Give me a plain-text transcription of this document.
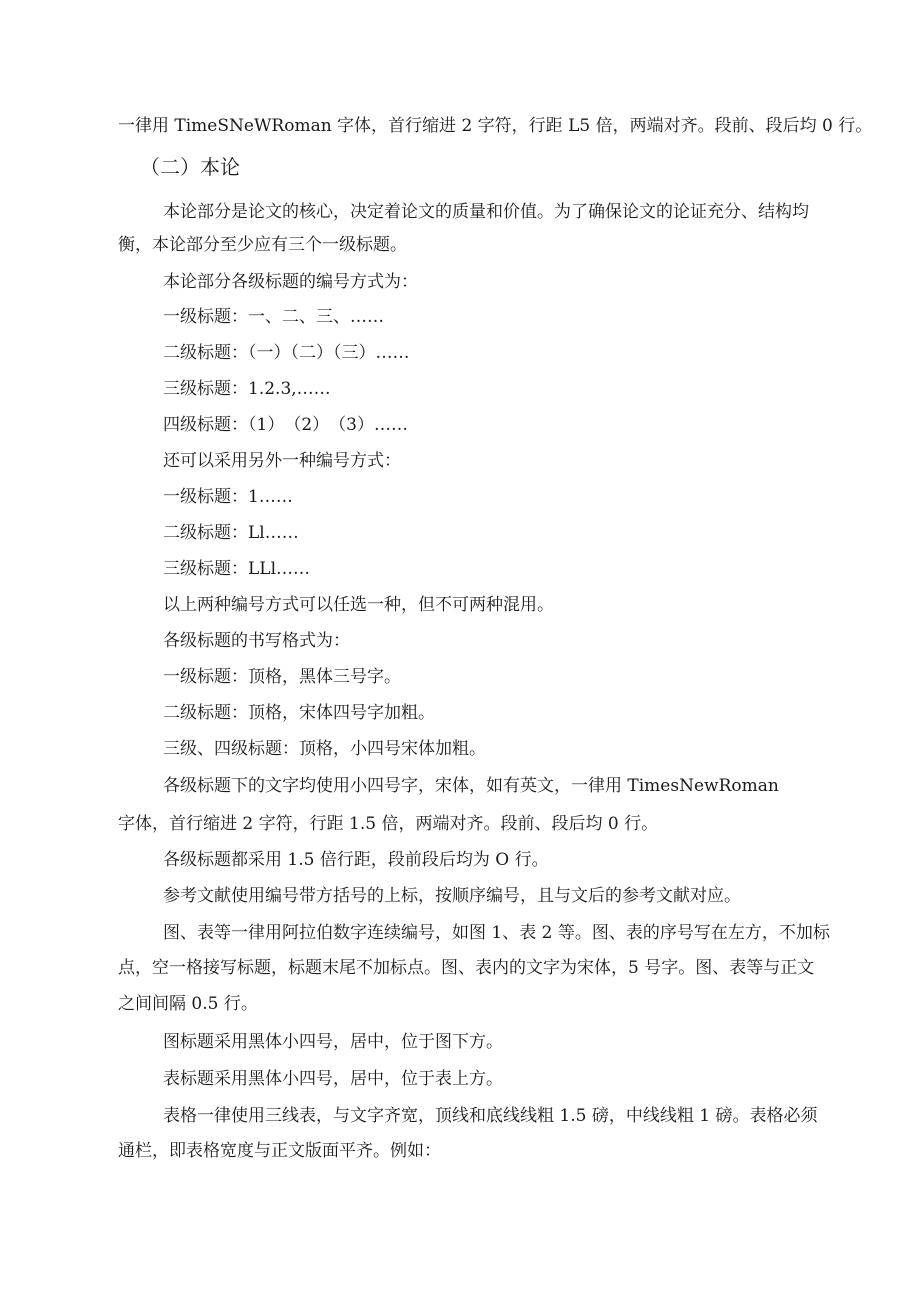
一律用 TimeSNeWRoman 字体，首行缩进 2 字符，行距 L5 倍，两端对齐。段前、段后均 0 行。
（二）本论
本论部分是论文的核心，决定着论文的质量和价值。为了确保论文的论证充分、结构均
衡，本论部分至少应有三个一级标题。
本论部分各级标题的编号方式为：
一级标题：一、二、三、……
二级标题：（一）（二）（三）……
三级标题：1.2.3,……
四级标题：（1）　（2）　（3）……
还可以采用另外一种编号方式：
一级标题：1……
二级标题：Ll……
三级标题：LLl……
以上两种编号方式可以任选一种，但不可两种混用。
各级标题的书写格式为：
一级标题：顶格，黑体三号字。
二级标题：顶格，宋体四号字加粗。
三级、四级标题：顶格，小四号宋体加粗。
各级标题下的文字均使用小四号字，宋体，如有英文，一律用 TimesNewRoman
字体，首行缩进 2 字符，行距 1.5 倍，两端对齐。段前、段后均 0 行。
各级标题都采用 1.5 倍行距，段前段后均为 O 行。
参考文献使用编号带方括号的上标，按顺序编号，且与文后的参考文献对应。
图、表等一律用阿拉伯数字连续编号，如图 1、表 2 等。图、表的序号写在左方，不加标
点，空一格接写标题，标题末尾不加标点。图、表内的文字为宋体，5 号字。图、表等与正文
之间间隔 0.5 行。
图标题采用黑体小四号，居中，位于图下方。
表标题采用黑体小四号，居中，位于表上方。
表格一律使用三线表，与文字齐宽，顶线和底线线粗 1.5 磅，中线线粗 1 磅。表格必须
通栏，即表格宽度与正文版面平齐。例如：
